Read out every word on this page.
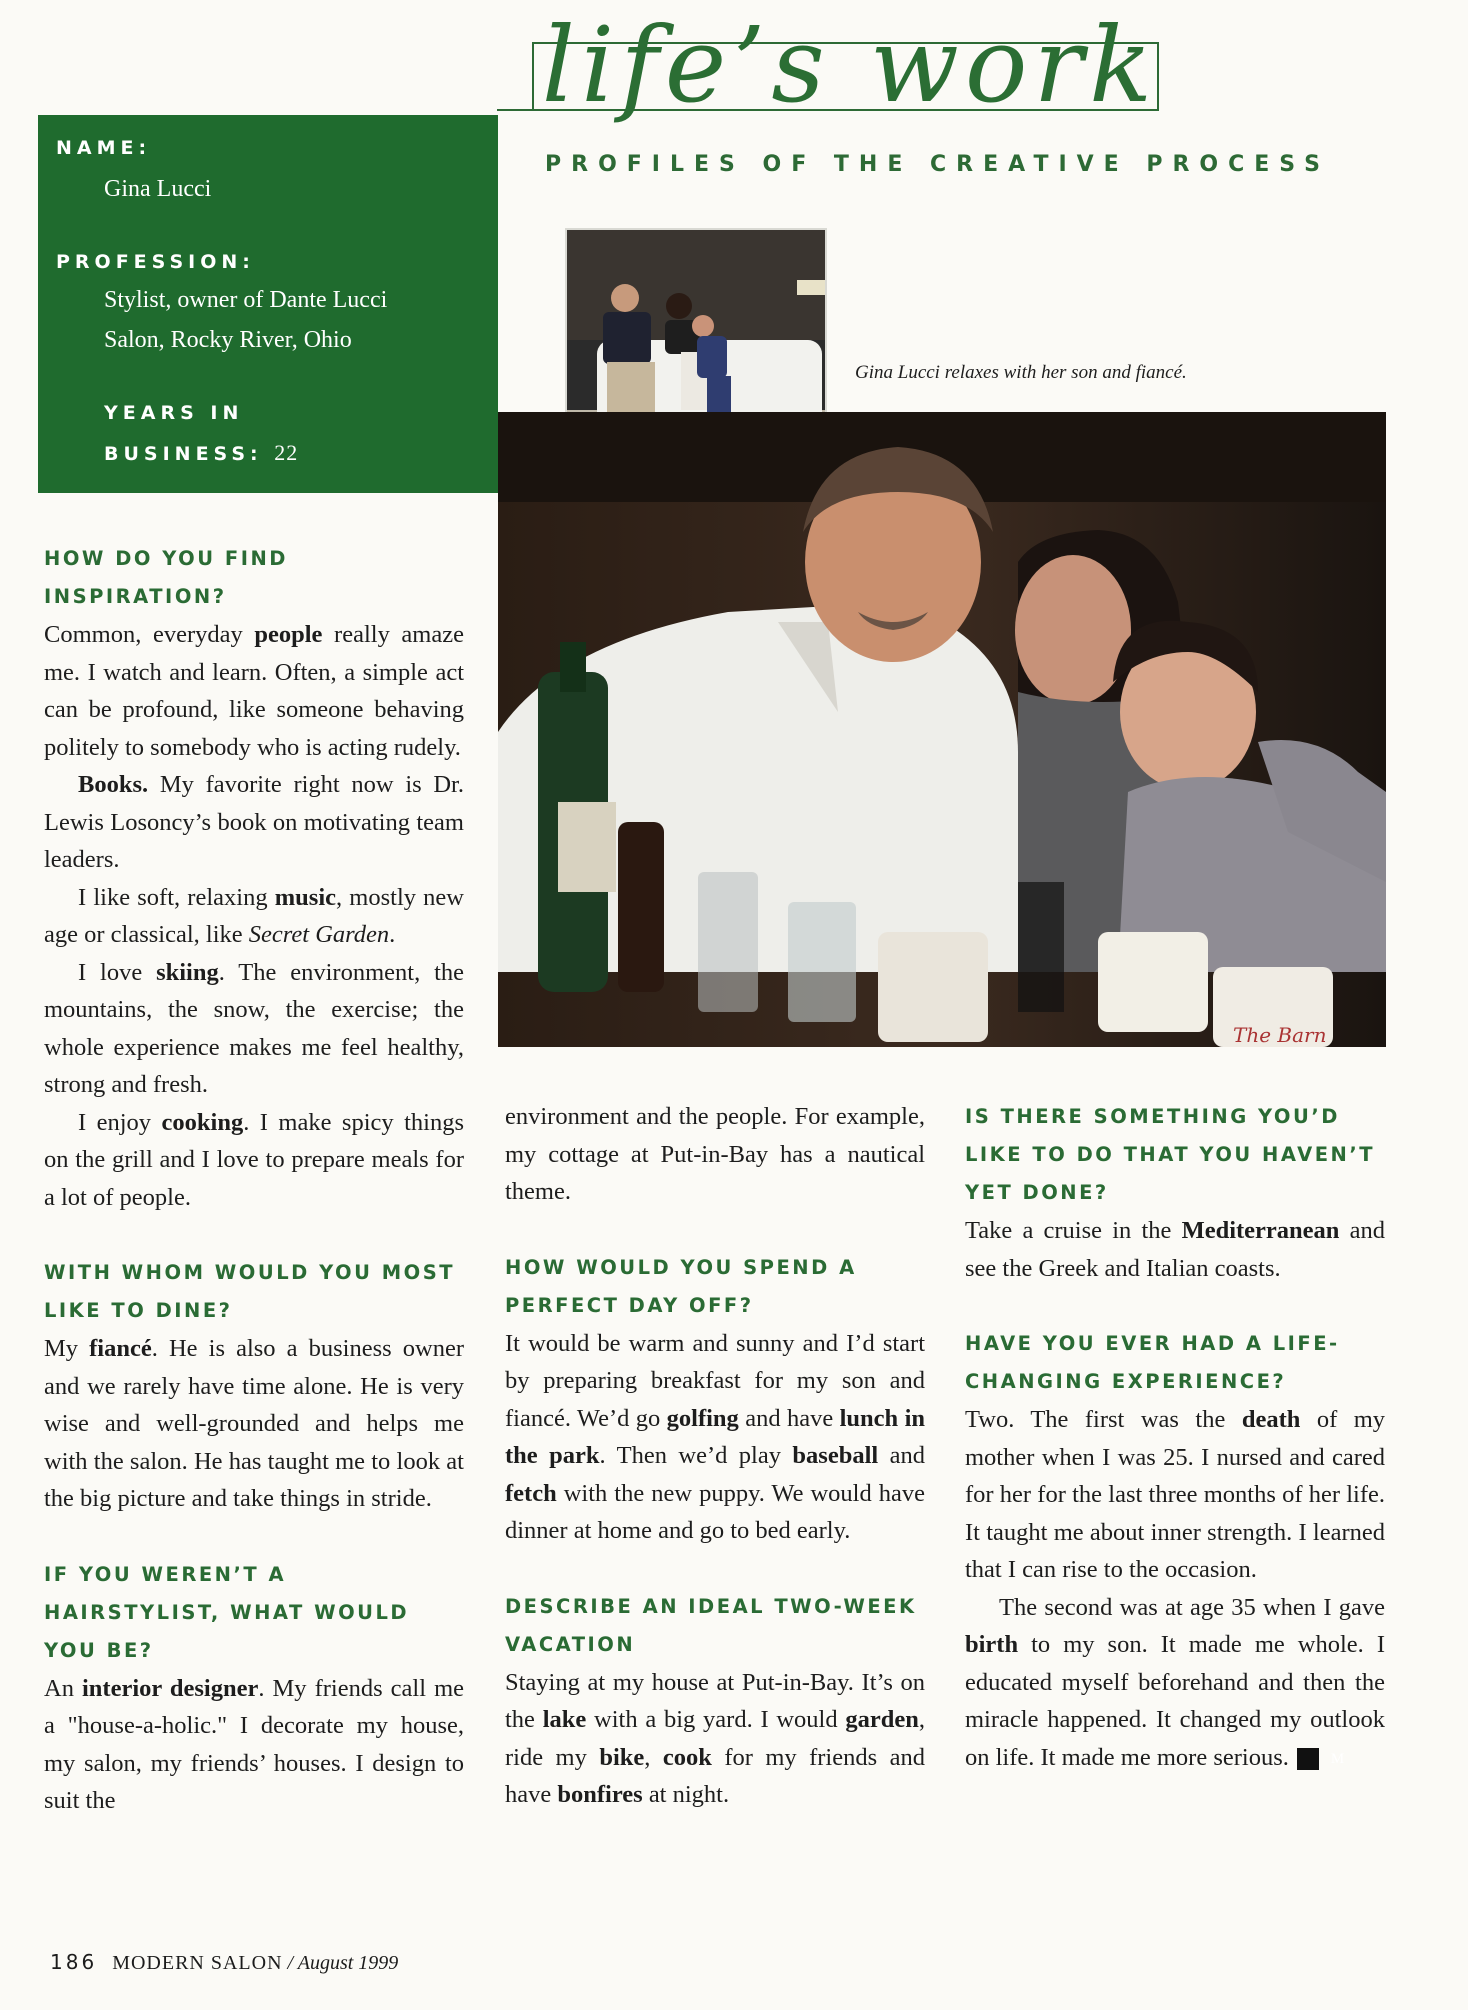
life’s work
PROFILES OF THE CREATIVE PROCESS
NAME:
Gina Lucci
PROFESSION:
Stylist, owner of Dante Lucci
Salon, Rocky River, Ohio
YEARS IN
BUSINESS: 22
Gina Lucci relaxes with her son and fiancé.
The Barn
HOW DO YOU FIND INSPIRATION?
Common, everyday people really amaze me. I watch and learn. Often, a simple act can be profound, like someone behaving politely to somebody who is acting rudely.
Books. My favorite right now is Dr. Lewis Losoncy’s book on motivating team leaders.
I like soft, relaxing music, mostly new age or classical, like Secret Garden.
I love skiing. The environment, the mountains, the snow, the exercise; the whole experience makes me feel healthy, strong and fresh.
I enjoy cooking. I make spicy things on the grill and I love to prepare meals for a lot of people.
WITH WHOM WOULD YOU MOST LIKE TO DINE?
My fiancé. He is also a business owner and we rarely have time alone. He is very wise and well-grounded and helps me with the salon. He has taught me to look at the big picture and take things in stride.
IF YOU WEREN’T A HAIRSTYLIST, WHAT WOULD YOU BE?
An interior designer. My friends call me a "house-a-holic." I decorate my house, my salon, my friends’ houses. I design to suit the
environment and the people. For example, my cottage at Put-in-Bay has a nautical theme.
HOW WOULD YOU SPEND A PERFECT DAY OFF?
It would be warm and sunny and I’d start by preparing breakfast for my son and fiancé. We’d go golfing and have lunch in the park. Then we’d play baseball and fetch with the new puppy. We would have dinner at home and go to bed early.
DESCRIBE AN IDEAL TWO-WEEK VACATION
Staying at my house at Put-in-Bay. It’s on the lake with a big yard. I would garden, ride my bike, cook for my friends and have bonfires at night.
IS THERE SOMETHING YOU’D LIKE TO DO THAT YOU HAVEN’T YET DONE?
Take a cruise in the Mediterranean and see the Greek and Italian coasts.
HAVE YOU EVER HAD A LIFE-CHANGING EXPERIENCE?
Two. The first was the death of my mother when I was 25. I nursed and cared for her for the last three months of her life. It taught me about inner strength. I learned that I can rise to the occasion.
The second was at age 35 when I gave birth to my son. It made me whole. I educated myself beforehand and then the miracle happened. It changed my outlook on life. It made me more serious.	M
186 MODERN SALON / August 1999
